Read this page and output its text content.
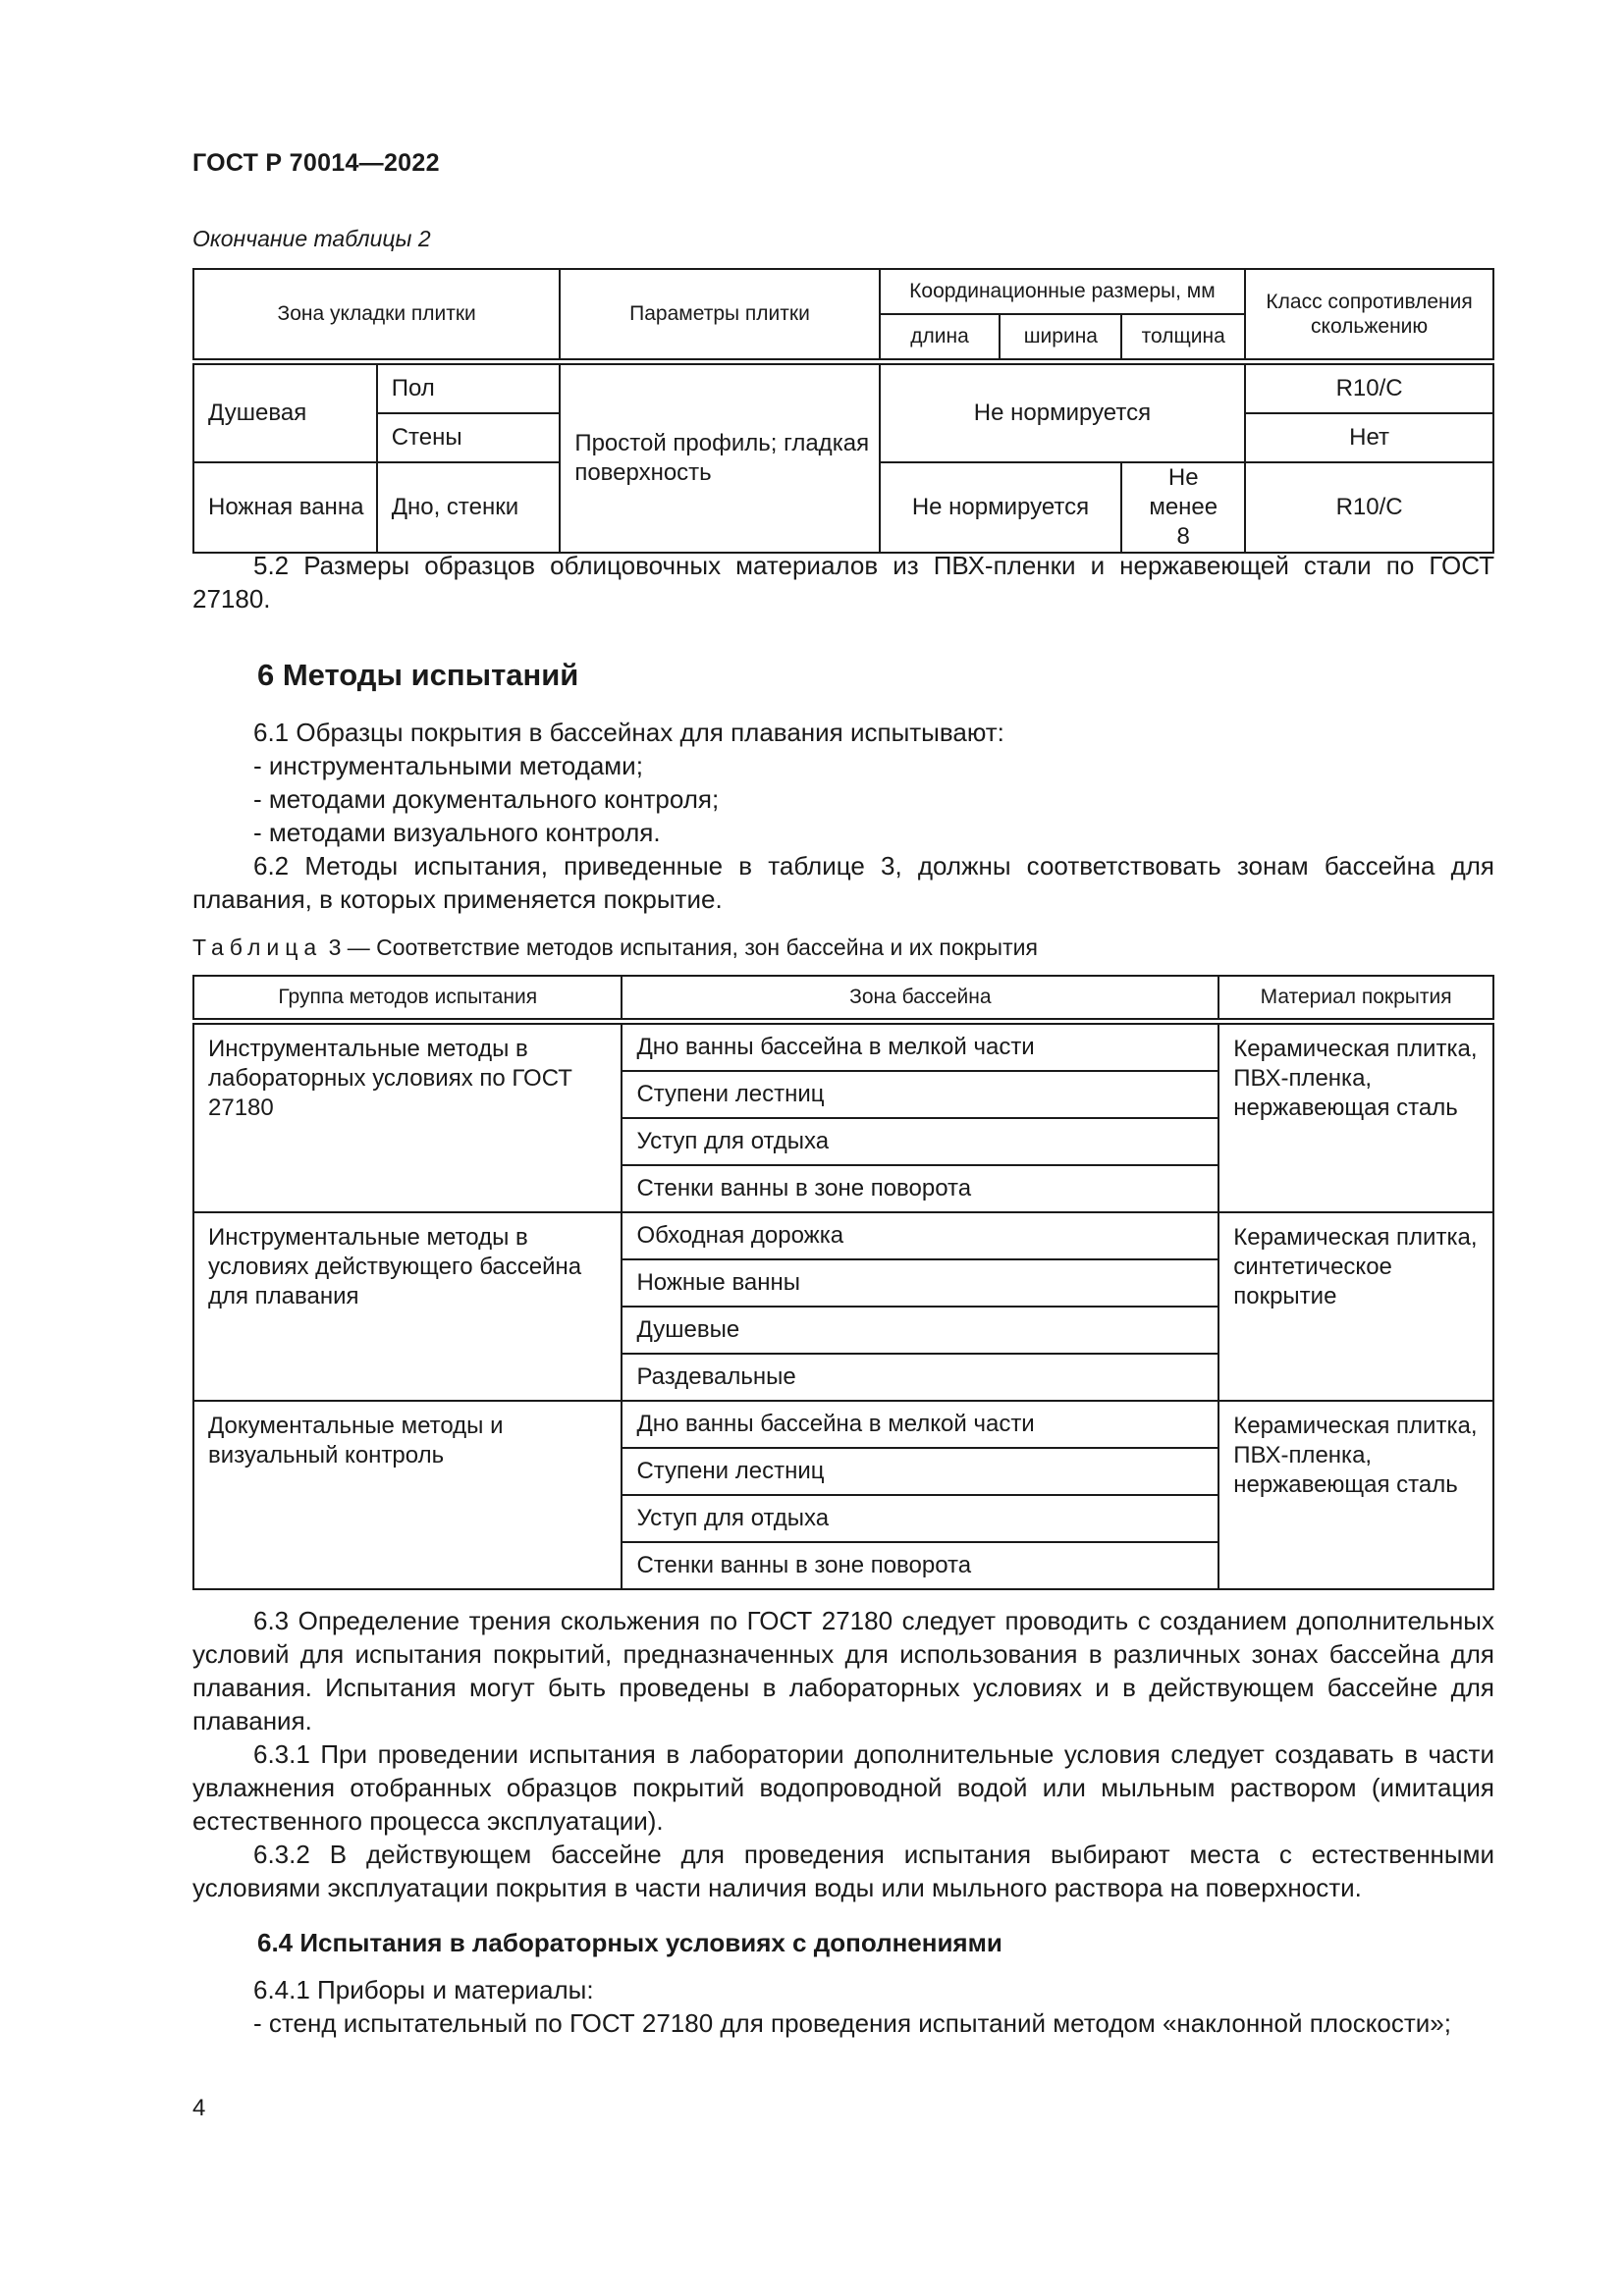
ГОСТ Р 70014—2022
Окончание таблицы 2
Зона укладки плитки		Параметры плитки	Координационные размеры, мм			Класс сопротивления скольжению
			длина	ширина	толщина	

Душевая	Пол	Простой профиль; гладкая поверхность	Не нормируется			R10/C
	Стены					Нет
Ножная ванна	Дно, стенки		Не нормируется		Не менее 8	R10/C
5.2 Размеры образцов облицовочных материалов из ПВХ-пленки и нержавеющей стали по ГОСТ 27180.
6 Методы испытаний
6.1 Образцы покрытия в бассейнах для плавания испытывают:
- инструментальными методами;
- методами документального контроля;
- методами визуального контроля.
6.2 Методы испытания, приведенные в таблице 3, должны соответствовать зонам бассейна для плавания, в которых применяется покрытие.
Таблица 3 — Соответствие методов испытания, зон бассейна и их покрытия
Группа методов испытания	Зона бассейна	Материал покрытия

Инструментальные методы в лабораторных условиях по ГОСТ 27180	Дно ванны бассейна в мелкой части	Керамическая плитка, ПВХ-пленка, нержавеющая сталь
	Ступени лестниц	
	Уступ для отдыха	
	Стенки ванны в зоне поворота	
Инструментальные методы в условиях действующего бассейна для плавания	Обходная дорожка	Керамическая плитка, синтетическое покрытие
	Ножные ванны	
	Душевые	
	Раздевальные	
Документальные методы и визуальный контроль	Дно ванны бассейна в мелкой части	Керамическая плитка, ПВХ-пленка, нержавеющая сталь
	Ступени лестниц	
	Уступ для отдыха	
	Стенки ванны в зоне поворота	
6.3 Определение трения скольжения по ГОСТ 27180 следует проводить с созданием дополнительных условий для испытания покрытий, предназначенных для использования в различных зонах бассейна для плавания. Испытания могут быть проведены в лабораторных условиях и в действующем бассейне для плавания.
6.3.1 При проведении испытания в лаборатории дополнительные условия следует создавать в части увлажнения отобранных образцов покрытий водопроводной водой или мыльным раствором (имитация естественного процесса эксплуатации).
6.3.2 В действующем бассейне для проведения испытания выбирают места с естественными условиями эксплуатации покрытия в части наличия воды или мыльного раствора на поверхности.
6.4 Испытания в лабораторных условиях с дополнениями
6.4.1 Приборы и материалы:
- стенд испытательный по ГОСТ 27180 для проведения испытаний методом «наклонной плоскости»;
4
